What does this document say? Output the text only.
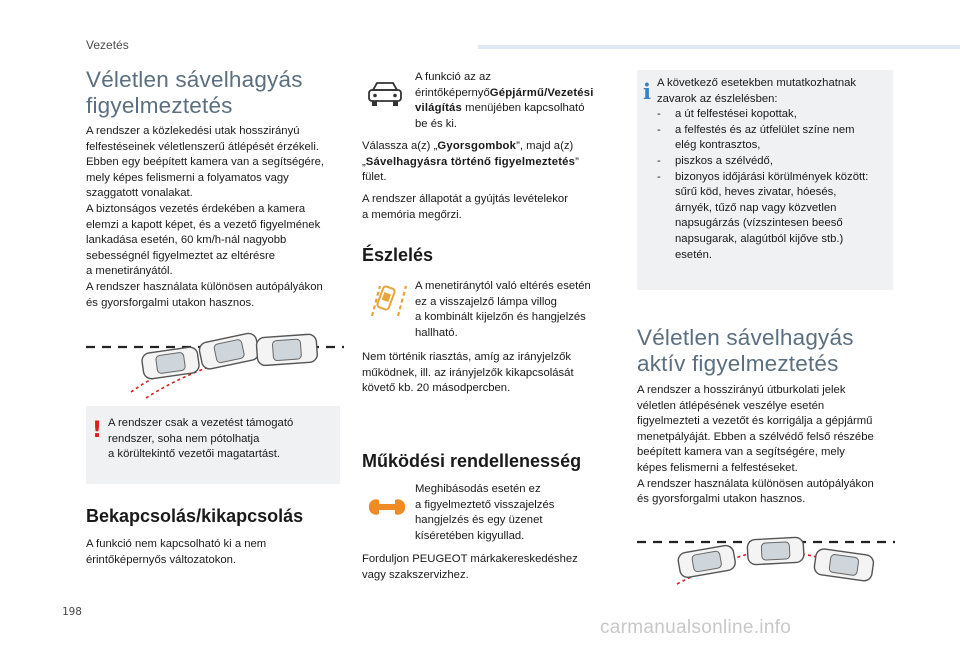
Vezetés
Véletlen sávelhagyás
figyelmeztetés
A rendszer a közlekedési utak hosszirányú
felfestéseinek véletlenszerű átlépését érzékeli.
Ebben egy beépített kamera van a segítségére,
mely képes felismerni a folyamatos vagy
szaggatott vonalakat.
A biztonságos vezetés érdekében a kamera
elemzi a kapott képet, és a vezető figyelmének
lankadása esetén, 60 km/h-nál nagyobb
sebességnél figyelmeztet az eltérésre
a menetirányától.
A rendszer használata különösen autópályákon
és gyorsforgalmi utakon hasznos.
! A rendszer csak a vezetést támogató
rendszer, soha nem pótolhatja
a körültekintő vezetői magatartást.
Bekapcsolás/kikapcsolás
A funkció nem kapcsolható ki a nem
érintőképernyős változatokon.
A funkció az az
érintőképernyőGépjármű/Vezetési
világítás menüjében kapcsolható
be és ki.
Válassza a(z) „Gyorsgombok”, majd a(z)
„Sávelhagyásra történő figyelmeztetés”
fület.
A rendszer állapotát a gyújtás levételekor
a memória megőrzi.
Észlelés
A menetiránytól való eltérés esetén
ez a visszajelző lámpa villog
a kombinált kijelzőn és hangjelzés
hallható.
Nem történik riasztás, amíg az irányjelzők
működnek, ill. az irányjelzők kikapcsolását
követő kb. 20 másodpercben.
Működési rendellenesség
Meghibásodás esetén ez
a figyelmeztető visszajelzés
hangjelzés és egy üzenet
kíséretében kigyullad.
Forduljon PEUGEOT márkakereskedéshez
vagy szakszervizhez.
i A következő esetekben mutatkozhatnak
zavarok az észlelésben:
- a út felfestései kopottak,
- a felfestés és az útfelület színe nem
elég kontrasztos,
- piszkos a szélvédő,
- bizonyos időjárási körülmények között:
sűrű köd, heves zivatar, hóesés,
árnyék, tűző nap vagy közvetlen
napsugárzás (vízszintesen beeső
napsugarak, alagútból kijőve stb.)
esetén.
Véletlen sávelhagyás
aktív figyelmeztetés
A rendszer a hosszirányú útburkolati jelek
véletlen átlépésének veszélye esetén
figyelmezteti a vezetőt és korrigálja a gépjármű
menetpályáját. Ebben a szélvédő felső részébe
beépített kamera van a segítségére, mely
képes felismerni a felfestéseket.
A rendszer használata különösen autópályákon
és gyorsforgalmi utakon hasznos.
198
carmanualsonline.info
